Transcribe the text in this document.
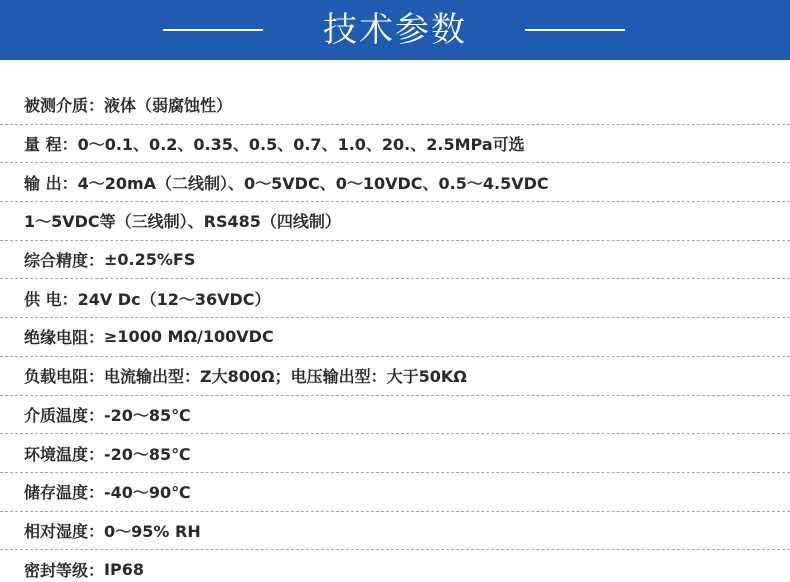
技术参数
被测介质： 液体（弱腐蚀性）
量 程： 0～0.1、0.2、0.35、0.5、0.7、1.0、20.、2.5MPa可选
输 出： 4～20mA（二线制）、0～5VDC、0～10VDC、0.5～4.5VDC
1～5VDC等（三线制）、RS485（四线制）
综合精度： ±0.25%FS
供 电： 24V Dc（12～36VDC）
绝缘电阻： ≥1000 MΩ/100VDC
负载电阻： 电流输出型：Z大800Ω；电压输出型：大于50KΩ
介质温度： -20～85℃
环境温度： -20～85℃
储存温度： -40～90℃
相对湿度： 0～95% RH
密封等级： IP68
